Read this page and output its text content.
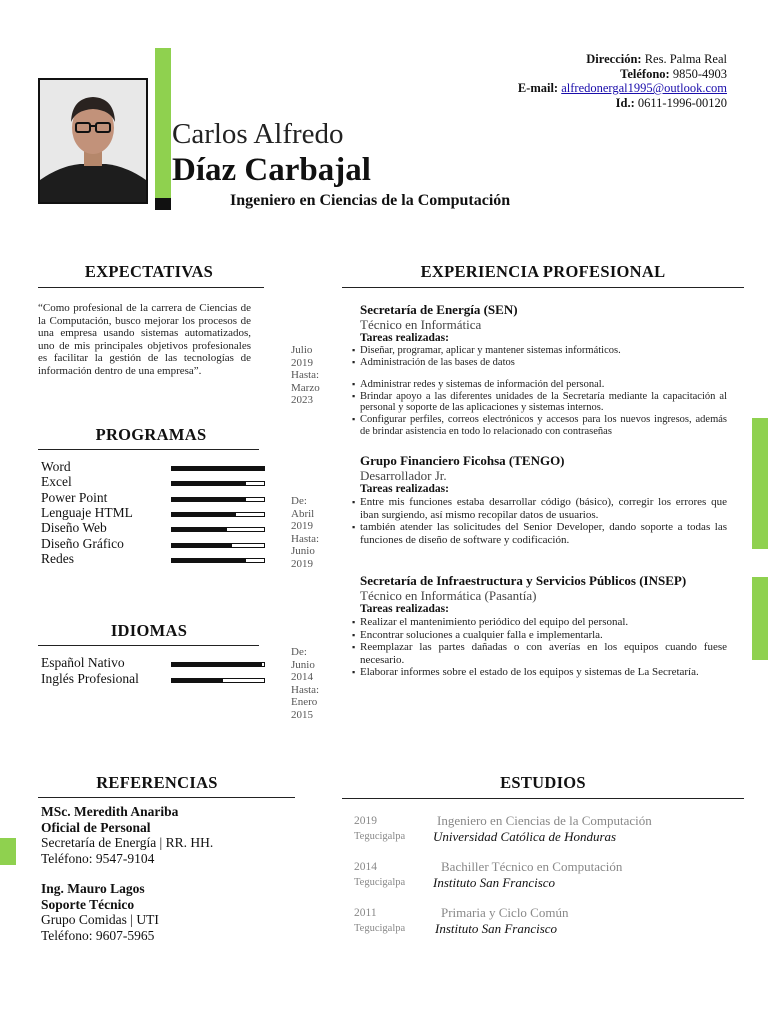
Carlos Alfredo
Díaz Carbajal
Ingeniero en Ciencias de la Computación
Dirección: Res. Palma Real
Teléfono: 9850-4903
E-mail: alfredonergal1995@outlook.com
Id.: 0611-1996-00120
EXPECTATIVAS
“Como profesional de la carrera de Ciencias de la Computación, busco mejorar los procesos de una empresa usando sistemas automatizados, uno de mis principales objetivos profesionales es facilitar la gestión de las tecnologías de información dentro de una empresa”.
PROGRAMAS
Word
Excel
Power Point
Lenguaje HTML
Diseño Web
Diseño Gráfico
Redes
IDIOMAS
Español Nativo
Inglés Profesional
REFERENCIAS
MSc. Meredith Anariba
Oficial de Personal
Secretaría de Energía | RR. HH.
Teléfono: 9547-9104
Ing. Mauro Lagos
Soporte Técnico
Grupo Comidas | UTI
Teléfono: 9607-5965
EXPERIENCIA PROFESIONAL
Julio
2019
Hasta:
Marzo
2023
Secretaría de Energía (SEN)
Técnico en Informática
Tareas realizadas:
▪ Diseñar, programar, aplicar y mantener sistemas informáticos.
▪ Administración de las bases de datos
▪ Administrar redes y sistemas de información del personal.
▪ Brindar apoyo a las diferentes unidades de la Secretaría mediante la capacitación al personal y soporte de las aplicaciones y sistemas internos.
▪ Configurar perfiles, correos electrónicos y accesos para los nuevos ingresos, además de brindar asistencia en todo lo relacionado con contraseñas
De:
Abril
2019
Hasta:
Junio
2019
Grupo Financiero Ficohsa (TENGO)
Desarrollador Jr.
Tareas realizadas:
▪ Entre mis funciones estaba desarrollar código (básico), corregir los errores que iban surgiendo, así mismo recopilar datos de usuarios.
▪ también atender las solicitudes del Senior Developer, dando soporte a todas las funciones de diseño de software y codificación.
De:
Junio
2014
Hasta:
Enero
2015
Secretaría de Infraestructura y Servicios Públicos (INSEP)
Técnico en Informática (Pasantía)
Tareas realizadas:
▪ Realizar el mantenimiento periódico del equipo del personal.
▪ Encontrar soluciones a cualquier falla e implementarla.
▪ Reemplazar las partes dañadas o con averías en los equipos cuando fuese necesario.
▪ Elaborar informes sobre el estado de los equipos y sistemas de La Secretaría.
ESTUDIOS
2019	Ingeniero en Ciencias de la Computación
Tegucigalpa Universidad Católica de Honduras
2014	Bachiller Técnico en Computación
Tegucigalpa Instituto San Francisco
2011	Primaria y Ciclo Común
Tegucigalpa Instituto San Francisco
